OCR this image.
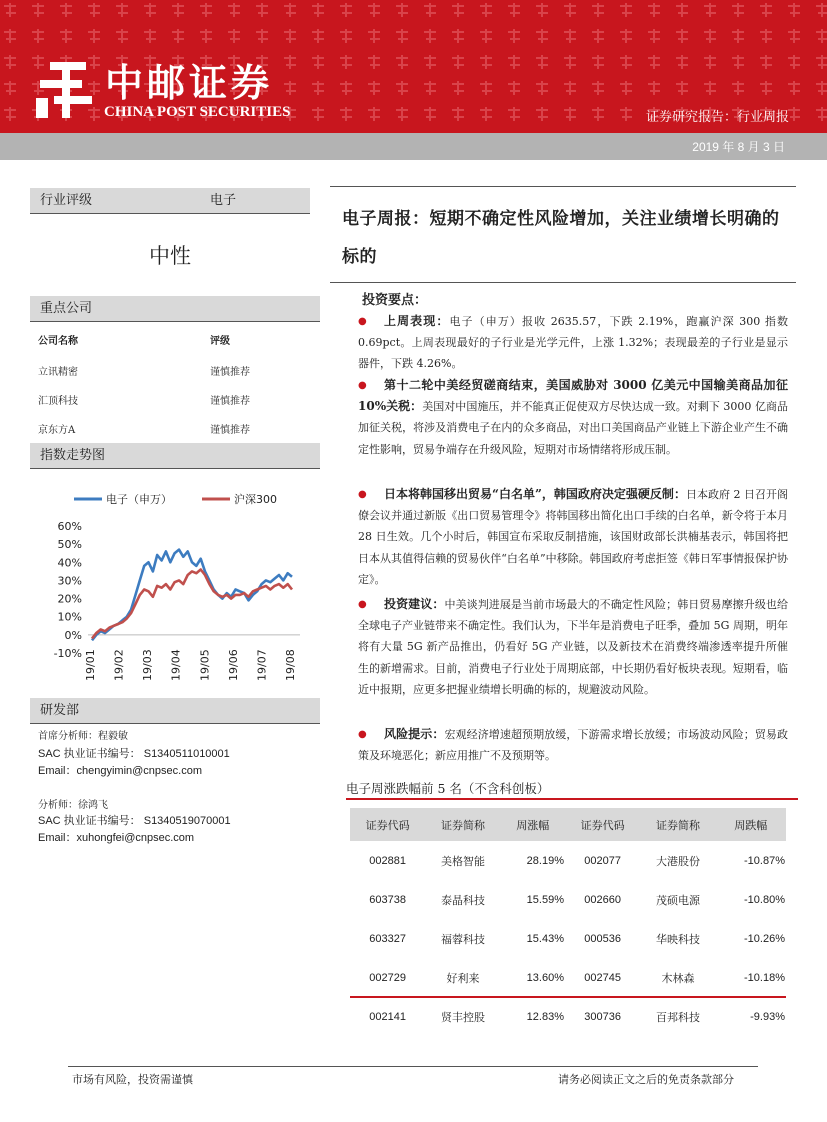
中邮证券
CHINA POST SECURITIES	证券研究报告：行业周报
2019 年 8 月 3 日
行业评级	电子
中性
重点公司
公司名称	评级
立讯精密	谨慎推荐
汇顶科技	谨慎推荐
京东方A	谨慎推荐
指数走势图
电子（申万）	沪深300
60%
50%
40%
30%
20%
10%
0%
-10% 19/01 19/02 19/03 19/04 19/05 19/06 19/07 19/08
研发部
首席分析师：程毅敏
SAC 执业证书编号： S1340511010001
Email：chengyimin@cnpsec.com
分析师：徐鸿飞
SAC 执业证书编号： S1340519070001
Email：xuhongfei@cnpsec.com
电子周报：短期不确定性风险增加，关注业绩增长明确的标的
投资要点：
●	上周表现：电子（申万）报收 2635.57，下跌 2.19%，跑赢沪深 300 指数 0.69pct。上周表现最好的子行业是光学元件，上涨 1.32%；表现最差的子行业是显示器件，下跌 4.26%。
●	第十二轮中美经贸磋商结束，美国威胁对 3000 亿美元中国输美商品加征 10%关税：美国对中国施压，并不能真正促使双方尽快达成一致。对剩下 3000 亿商品加征关税，将涉及消费电子在内的众多商品，对出口美国商品产业链上下游企业产生不确定性影响，贸易争端存在升级风险，短期对市场情绪将形成压制。
●	日本将韩国移出贸易“白名单”，韩国政府决定强硬反制：日本政府 2 日召开阁僚会议并通过新版《出口贸易管理令》将韩国移出简化出口手续的白名单，新令将于本月 28 日生效。几个小时后，韩国宣布采取反制措施，该国财政部长洪楠基表示，韩国将把日本从其值得信赖的贸易伙伴“白名单”中移除。韩国政府考虑拒签《韩日军事情报保护协定》。
●	投资建议：中美谈判进展是当前市场最大的不确定性风险；韩日贸易摩擦升级也给全球电子产业链带来不确定性。我们认为，下半年是消费电子旺季，叠加 5G 周期，明年将有大量 5G 新产品推出，仍看好 5G 产业链，以及新技术在消费终端渗透率提升所催生的新增需求。目前，消费电子行业处于周期底部，中长期仍看好板块表现。短期看，临近中报期，应更多把握业绩增长明确的标的，规避波动风险。
●	风险提示：宏观经济增速超预期放缓，下游需求增长放缓；市场波动风险；贸易政策及环境恶化；新应用推广不及预期等。
电子周涨跌幅前 5 名（不含科创板）
证券代码	证券简称	周涨幅	证券代码	证券简称	周跌幅
002881	美格智能	28.19%	002077	大港股份	-10.87%
603738	泰晶科技	15.59%	002660	茂硕电源	-10.80%
603327	福蓉科技	15.43%	000536	华映科技	-10.26%
002729	好利来	13.60%	002745	木林森	-10.18%
002141	贤丰控股	12.83%	300736	百邦科技	-9.93%
市场有风险，投资需谨慎	请务必阅读正文之后的免责条款部分
